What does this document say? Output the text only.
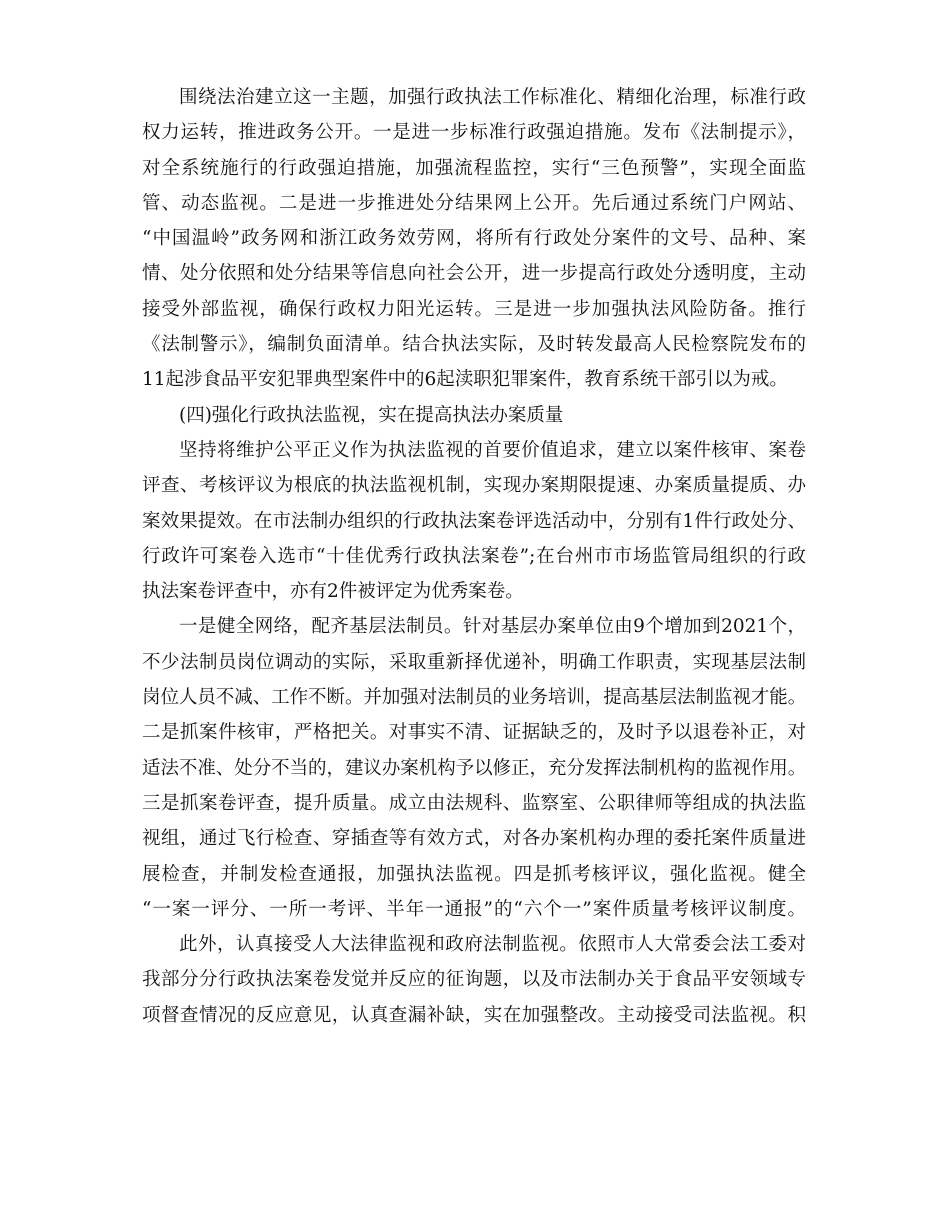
围绕法治建立这一主题，加强行政执法工作标准化、精细化治理，标准行政
权力运转，推进政务公开。一是进一步标准行政强迫措施。发布《法制提示》，
对全系统施行的行政强迫措施，加强流程监控，实行“三色预警”，实现全面监
管、动态监视。二是进一步推进处分结果网上公开。先后通过系统门户网站、
“中国温岭”政务网和浙江政务效劳网，将所有行政处分案件的文号、品种、案
情、处分依照和处分结果等信息向社会公开，进一步提高行政处分透明度，主动
接受外部监视，确保行政权力阳光运转。三是进一步加强执法风险防备。推行
《法制警示》，编制负面清单。结合执法实际，及时转发最高人民检察院发布的
11起涉食品平安犯罪典型案件中的6起渎职犯罪案件，教育系统干部引以为戒。
(四)强化行政执法监视，实在提高执法办案质量
坚持将维护公平正义作为执法监视的首要价值追求，建立以案件核审、案卷
评查、考核评议为根底的执法监视机制，实现办案期限提速、办案质量提质、办
案效果提效。在市法制办组织的行政执法案卷评选活动中，分别有1件行政处分、
行政许可案卷入选市“十佳优秀行政执法案卷”;在台州市市场监管局组织的行政
执法案卷评查中，亦有2件被评定为优秀案卷。
一是健全网络，配齐基层法制员。针对基层办案单位由9个增加到2021个，
不少法制员岗位调动的实际，采取重新择优递补，明确工作职责，实现基层法制
岗位人员不减、工作不断。并加强对法制员的业务培训，提高基层法制监视才能。
二是抓案件核审，严格把关。对事实不清、证据缺乏的，及时予以退卷补正，对
适法不准、处分不当的，建议办案机构予以修正，充分发挥法制机构的监视作用。
三是抓案卷评查，提升质量。成立由法规科、监察室、公职律师等组成的执法监
视组，通过飞行检查、穿插查等有效方式，对各办案机构办理的委托案件质量进
展检查，并制发检查通报，加强执法监视。四是抓考核评议，强化监视。健全
“一案一评分、一所一考评、半年一通报”的“六个一”案件质量考核评议制度。
此外，认真接受人大法律监视和政府法制监视。依照市人大常委会法工委对
我部分分行政执法案卷发觉并反应的征询题，以及市法制办关于食品平安领域专
项督查情况的反应意见，认真查漏补缺，实在加强整改。主动接受司法监视。积
